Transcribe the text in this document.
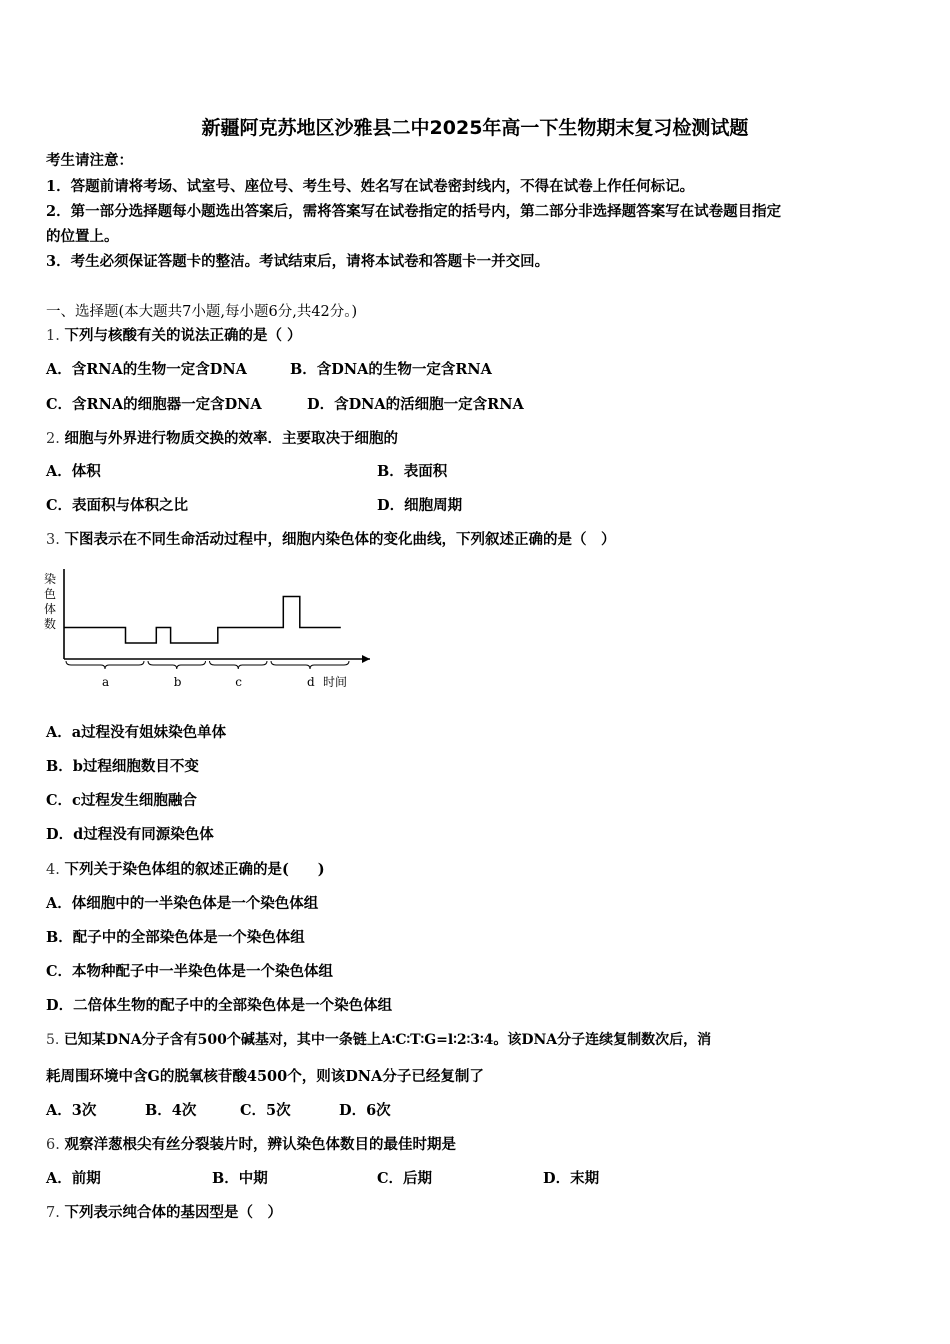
新疆阿克苏地区沙雅县二中2025年高一下生物期末复习检测试题
考生请注意：
1．答题前请将考场、试室号、座位号、考生号、姓名写在试卷密封线内，不得在试卷上作任何标记。
2．第一部分选择题每小题选出答案后，需将答案写在试卷指定的括号内，第二部分非选择题答案写在试卷题目指定
的位置上。
3．考生必须保证答题卡的整洁。考试结束后，请将本试卷和答题卡一并交回。
一、选择题(本大题共7小题,每小题6分,共42分。)
1. 下列与核酸有关的说法正确的是（ ）
A．含RNA的生物一定含DNA	B．含DNA的生物一定含RNA
C．含RNA的细胞器一定含DNA	D．含DNA的活细胞一定含RNA
2. 细胞与外界进行物质交换的效率．主要取决于细胞的
A．体积	B．表面积
C．表面积与体积之比	D．细胞周期
3. 下图表示在不同生命活动过程中，细胞内染色体的变化曲线，下列叙述正确的是（　）
染
色
体
数
a	b	c	d 时间
A．a过程没有姐妹染色单体
B．b过程细胞数目不变
C．c过程发生细胞融合
D．d过程没有同源染色体
4. 下列关于染色体组的叙述正确的是(　　)
A．体细胞中的一半染色体是一个染色体组
B．配子中的全部染色体是一个染色体组
C．本物种配子中一半染色体是一个染色体组
D．二倍体生物的配子中的全部染色体是一个染色体组
5. 已知某DNA分子含有500个碱基对，其中一条链上A∶C∶T∶G=l∶2∶3∶4。该DNA分子连续复制数次后，消
耗周围环境中含G的脱氧核苷酸4500个，则该DNA分子已经复制了
A．3次	B．4次	C．5次	D．6次
6. 观察洋葱根尖有丝分裂装片时，辨认染色体数目的最佳时期是
A．前期	B．中期	C．后期	D．末期
7. 下列表示纯合体的基因型是（　）
